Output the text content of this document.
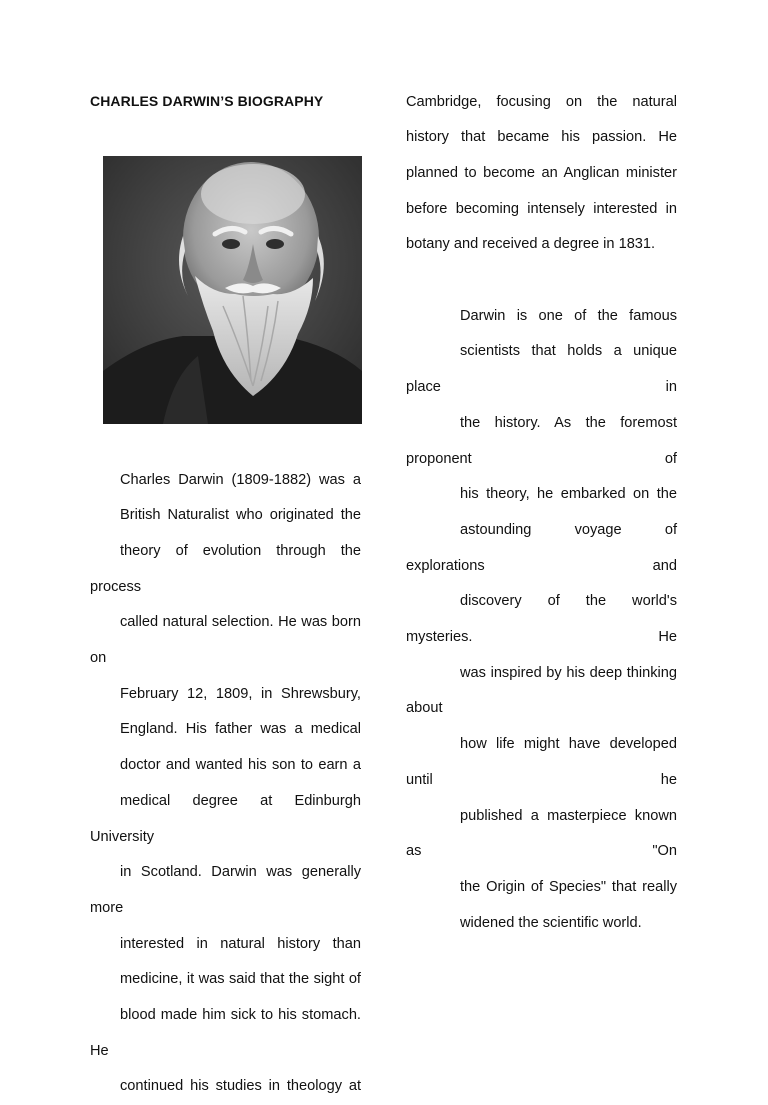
CHARLES DARWIN’S BIOGRAPHY

Charles Darwin (1809-1882) was a
British Naturalist who originated the
theory of evolution through the process
called natural selection. He was born on
February 12, 1809, in Shrewsbury,
England. His father was a medical
doctor and wanted his son to earn a
medical degree at Edinburgh University
in Scotland. Darwin was generally more
interested in natural history than
medicine, it was said that the sight of
blood made him sick to his stomach. He
continued his studies in theology at

Cambridge, focusing on the natural
history that became his passion. He
planned to become an Anglican minister
before becoming intensely interested in
botany and received a degree in 1831.

Darwin is one of the famous
scientists that holds a unique place in
the history. As the foremost proponent of
his theory, he embarked on the
astounding voyage of explorations and
discovery of the world's mysteries. He
was inspired by his deep thinking about
how life might have developed until he
published a masterpiece known as "On
the Origin of Species" that really
widened the scientific world.
